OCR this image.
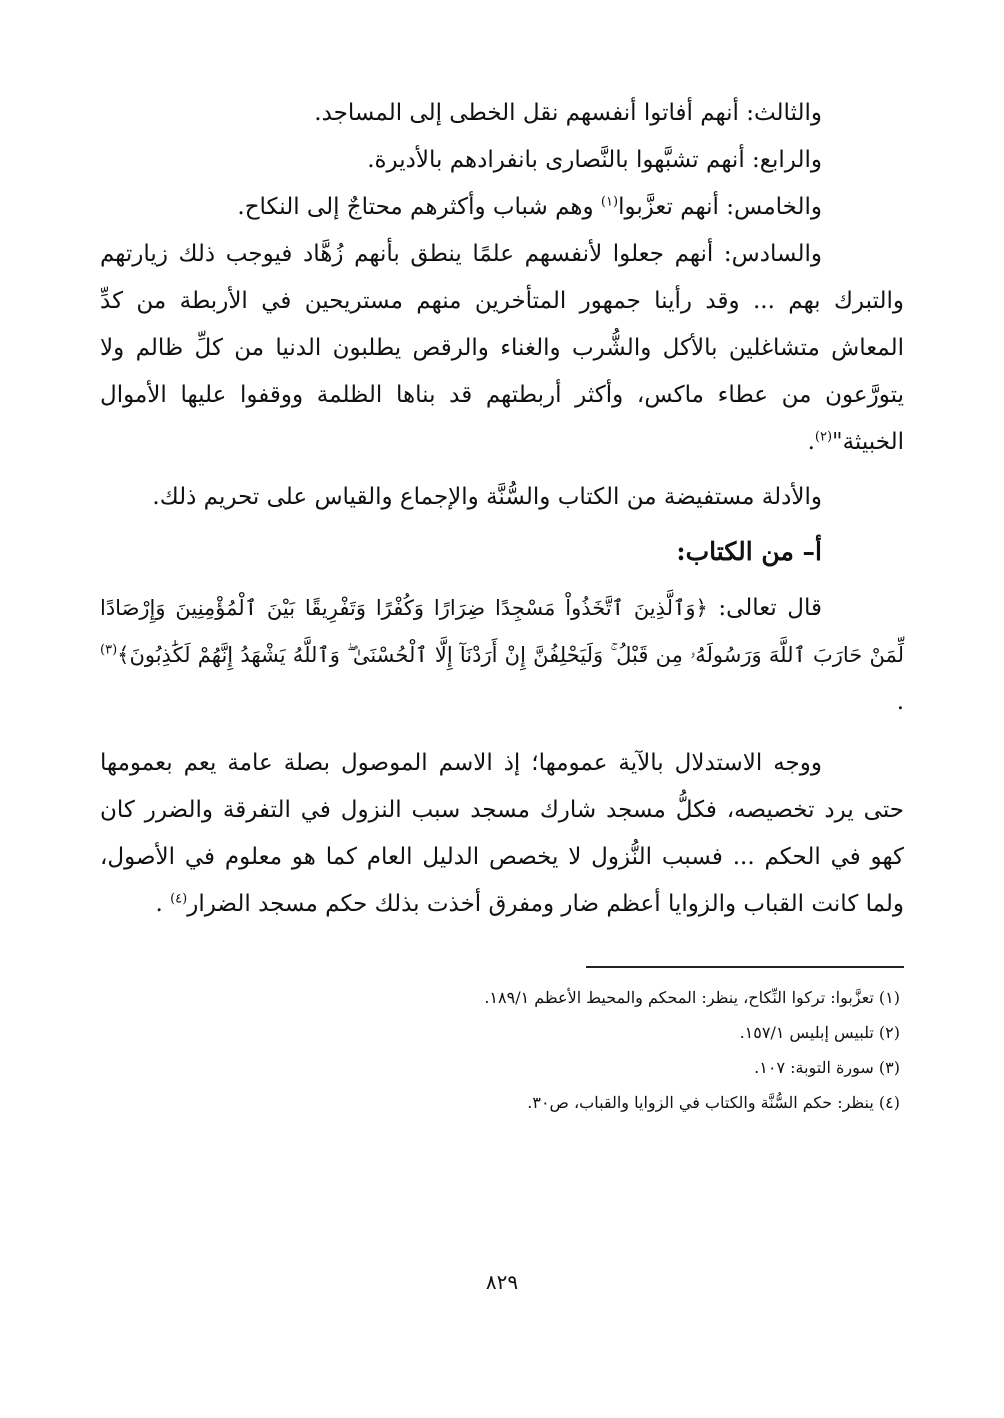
والثالث: أنهم أفاتوا أنفسهم نقل الخطى إلى المساجد.

والرابع: أنهم تشبَّهوا بالنَّصارى بانفرادهم بالأديرة.

والخامس: أنهم تعزَّبوا$^{(١)}$ وهم شباب وأكثرهم محتاجٌ إلى النكاح.

والسادس: أنهم جعلوا لأنفسهم علمًا ينطق بأنهم زُهَّاد فيوجب ذلك زيارتهم والتبرك بهم ... وقد رأينا جمهور المتأخرين منهم مستريحين في الأربطة من كدِّ المعاش متشاغلين بالأكل والشُّرب والغناء والرقص يطلبون الدنيا من كلِّ ظالم ولا يتورَّعون من عطاء ماكس، وأكثر أربطتهم قد بناها الظلمة ووقفوا عليها الأموال الخبيثة"$^{(٢)}$.

والأدلة مستفيضة من الكتاب والسُّنَّة والإجماع والقياس على تحريم ذلك.

أ– من الكتاب:

قال تعالى: ﴿وَٱلَّذِينَ ٱتَّخَذُواْ مَسْجِدًا ضِرَارًا وَكُفْرًا وَتَفْرِيقًا بَيْنَ ٱلْمُؤْمِنِينَ وَإِرْصَادًا لِّمَنْ حَارَبَ ٱللَّهَ وَرَسُولَهُۥ مِن قَبْلُ ۚ وَلَيَحْلِفُنَّ إِنْ أَرَدْنَآ إِلَّا ٱلْحُسْنَىٰ ۖ وَٱللَّهُ يَشْهَدُ إِنَّهُمْ لَكَٰذِبُونَ﴾$^{(٣)}$ .

ووجه الاستدلال بالآية عمومها؛ إذ الاسم الموصول بصلة عامة يعم بعمومها حتى يرد تخصيصه، فكلُّ مسجد شارك مسجد سبب النزول في التفرقة والضرر كان كهو في الحكم ... فسبب النُّزول لا يخصص الدليل العام كما هو معلوم في الأصول، ولما كانت القباب والزوايا أعظم ضار ومفرق أخذت بذلك حكم مسجد الضرار$^{(٤)}$ .

(١) تعزَّبوا: تركوا النِّكاح، ينظر: المحكم والمحيط الأعظم ١٨٩/١.

(٢) تلبيس إبليس ١٥٧/١.

(٣) سورة التوبة: ١٠٧.

(٤) ينظر: حكم السُّنَّة والكتاب في الزوايا والقباب، ص٣٠.

٨٢٩
